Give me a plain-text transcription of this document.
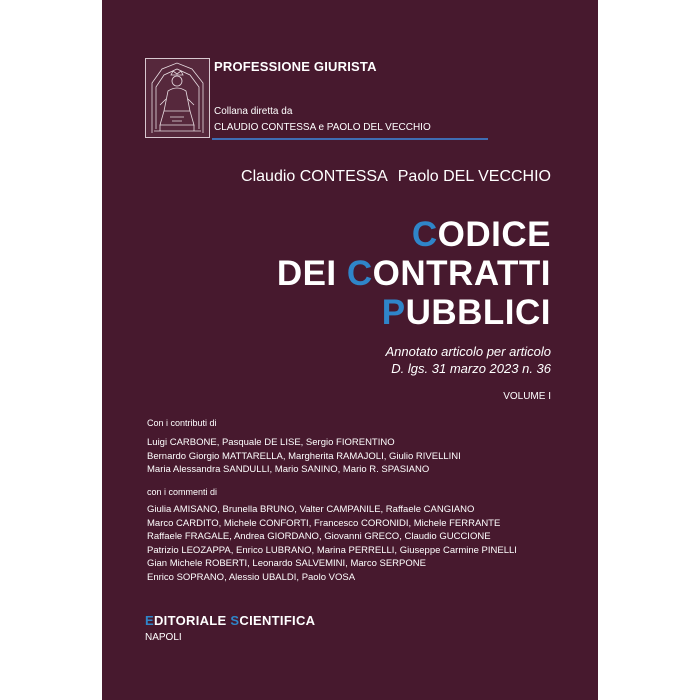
PROFESSIONE GIURISTA
Collana diretta da
CLAUDIO CONTESSA e PAOLO DEL VECCHIO
Claudio CONTESSA Paolo DEL VECCHIO
CODICE
DEI CONTRATTI
PUBBLICI
Annotato articolo per articolo
D. lgs. 31 marzo 2023 n. 36
VOLUME I
Con i contributi di
Luigi CARBONE, Pasquale DE LISE, Sergio FIORENTINO
Bernardo Giorgio MATTARELLA, Margherita RAMAJOLI, Giulio RIVELLINI
Maria Alessandra SANDULLI, Mario SANINO, Mario R. SPASIANO
con i commenti di
Giulia AMISANO, Brunella BRUNO, Valter CAMPANILE, Raffaele CANGIANO
Marco CARDITO, Michele CONFORTI, Francesco CORONIDI, Michele FERRANTE
Raffaele FRAGALE, Andrea GIORDANO, Giovanni GRECO, Claudio GUCCIONE
Patrizio LEOZAPPA, Enrico LUBRANO, Marina PERRELLI, Giuseppe Carmine PINELLI
Gian Michele ROBERTI, Leonardo SALVEMINI, Marco SERPONE
Enrico SOPRANO, Alessio UBALDI, Paolo VOSA
EDITORIALE SCIENTIFICA
NAPOLI
